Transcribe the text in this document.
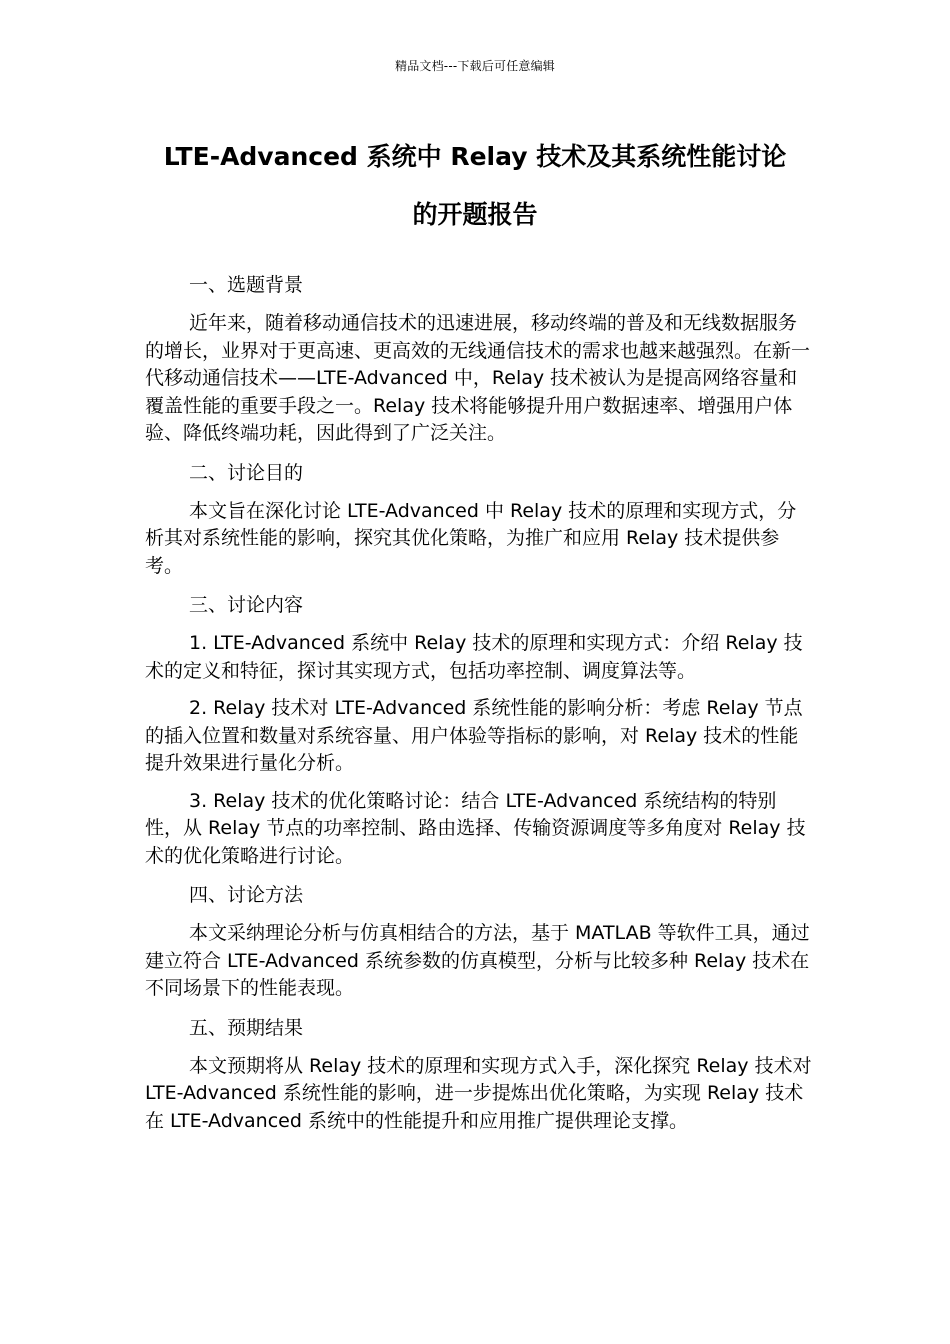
精品文档---下载后可任意编辑
LTE-Advanced 系统中 Relay 技术及其系统性能讨论
的开题报告
一、选题背景

近年来，随着移动通信技术的迅速进展，移动终端的普及和无线数据服务的增长，业界对于更高速、更高效的无线通信技术的需求也越来越强烈。在新一代移动通信技术——LTE-Advanced 中，Relay 技术被认为是提高网络容量和覆盖性能的重要手段之一。Relay 技术将能够提升用户数据速率、增强用户体验、降低终端功耗，因此得到了广泛关注。

二、讨论目的

本文旨在深化讨论 LTE-Advanced 中 Relay 技术的原理和实现方式，分析其对系统性能的影响，探究其优化策略，为推广和应用 Relay 技术提供参考。

三、讨论内容

1. LTE-Advanced 系统中 Relay 技术的原理和实现方式：介绍 Relay 技术的定义和特征，探讨其实现方式，包括功率控制、调度算法等。

2. Relay 技术对 LTE-Advanced 系统性能的影响分析：考虑 Relay 节点的插入位置和数量对系统容量、用户体验等指标的影响，对 Relay 技术的性能提升效果进行量化分析。

3. Relay 技术的优化策略讨论：结合 LTE-Advanced 系统结构的特别性，从 Relay 节点的功率控制、路由选择、传输资源调度等多角度对 Relay 技术的优化策略进行讨论。

四、讨论方法

本文采纳理论分析与仿真相结合的方法，基于 MATLAB 等软件工具，通过建立符合 LTE-Advanced 系统参数的仿真模型，分析与比较多种 Relay 技术在不同场景下的性能表现。

五、预期结果

本文预期将从 Relay 技术的原理和实现方式入手，深化探究 Relay 技术对 LTE-Advanced 系统性能的影响，进一步提炼出优化策略，为实现 Relay 技术在 LTE-Advanced 系统中的性能提升和应用推广提供理论支撑。
